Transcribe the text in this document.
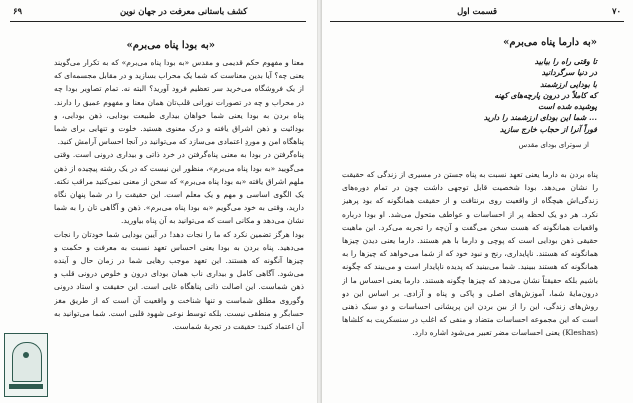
۶۹	کشف باستانی معرفت در جهان نوین
«به بودا پناه می‌برم»

معنا و مفهوم حکم قدیمی و مقدس «به بودا پناه می‌برم» که به تکرار می‌گویند یعنی چه؟ آیا بدین معناست که شما یک محراب بسازید و در مقابل مجسمه‌ای که از یک فروشگاه می‌خرید سر تعظیم فرود آورید؟ البته نه. تمام تصاویر بودا چه در محراب و چه در تصورات نورانی قلب‌تان همان معنا و مفهوم عمیق را دارند. پناه بردن به بودا یعنی شما خواهان بیداری طبیعت بودایی، ذهن بودایی، و بودائیت و ذهن اشراق یافته و درک معنوی هستید. خلوت و تنهایی برای شما پناهگاه امن و موردِ اعتمادی می‌سازد که می‌توانید در آنجا احساس آرامش کنید.

پناه‌گرفتن در بودا به معنی پناه‌گرفتن در خرد ذاتی و بیداری درونی است. وقتی می‌گویید «به بودا پناه می‌برم»، منظور این نیست که در یک رشته پیچیده از ذهن ملهم اشراق یافته «به بودا پناه می‌برم» که سخن از معنی نمی‌کنید مراقب نکته. یک الگوی اساسی و مهم و یک معلم است. این حقیقت را در شما پنهان نگاه دارید، وقتی به خود می‌گویم «به بودا پناه می‌برم». ذهن و آگاهی تان را به شما نشان می‌دهد و مکانی است که می‌توانید به آن پناه بیاورید.

بودا هرگز تضمین نکرد که ما را نجات دهد! در آیین بودایی شما خودتان را نجات می‌دهید. پناه بردن به بودا یعنی احساس تعهد نسبت به معرفت و حکمت و چیزها آنگونه که هستند. این تعهد موجب رهایی شما در زمان حال و آینده می‌شود. آگاهی کامل و بیداری ناب همان بودای درون و خلوص درونی قلب و ذهن شماست. این اصالت ذاتی پناهگاه غایی است. این حقیقت و استاد درونی وگوروی مطلق شماست و تنها شناخت و واقعیت آن است که از طریق مغز حسابگر و منطقی نیست. بلکه توسط نوعی شهود قلبی است. شما می‌توانید به آن اعتماد کنید: حقیقت در تجربهٔ شماست.

۷۰
قسمت اول
«به دارما پناه می‌برم»
تا وقتی راه را بیابید
در دنیا سرگردانید
با بودایی ارزشمند
که کاملاً در درون پارچه‌های کهنه
پوشیده شده است
... شما این بودای ارزشمند را دارید
فوراً آنرا از حجاب خارج سازید
از سوترای بودای مقدس

پناه بردن به دارما یعنی تعهد نسبت به پناه جستن در مسیری از زندگی که حقیقت را نشان می‌دهد. بودا شخصیت قابل توجهی داشت چون در تمام دوره‌های زندگی‌اش هیچگاه از واقعیت روی برنتافت و از حقیقت همانگونه که بود پرهیز نکرد. هر دو یک لحظه پر از احساسات و عواطف متحول می‌شد. او بودا درباره واقعیات همانگونه که هست سخن می‌گفت و آن‌چه را تجربه می‌کرد. این ماهیت حقیقی ذهن بودایی است که پوچی و دارما با هم هستند. دارما یعنی دیدن چیزها همانگونه که هستند. ناپایداری، رنج و نبود خود که از شما می‌خواهد که چیزها را به همانگونه که هستند ببینید. شما می‌بینید که پدیده ناپایدار است و می‌بیند که چگونه باشیم بلکه حقیقتاً نشان می‌دهد که چیزها چگونه هستند. دارما یعنی احساس ما از درون‌مایهٔ شما، آموزش‌های اصلی و پاکی و پناه و آزادی. بر اساس این دو روش‌های زندگی، این را از بین بردن این پریشانی احساسات و دو سبک ذهنی است که این مجموعه احساسات متضاد و منفی که اغلب در سنسکریت به کلشاها (Kleshas) یعنی احساسات مضر تعبیر می‌شود اشاره دارد.
